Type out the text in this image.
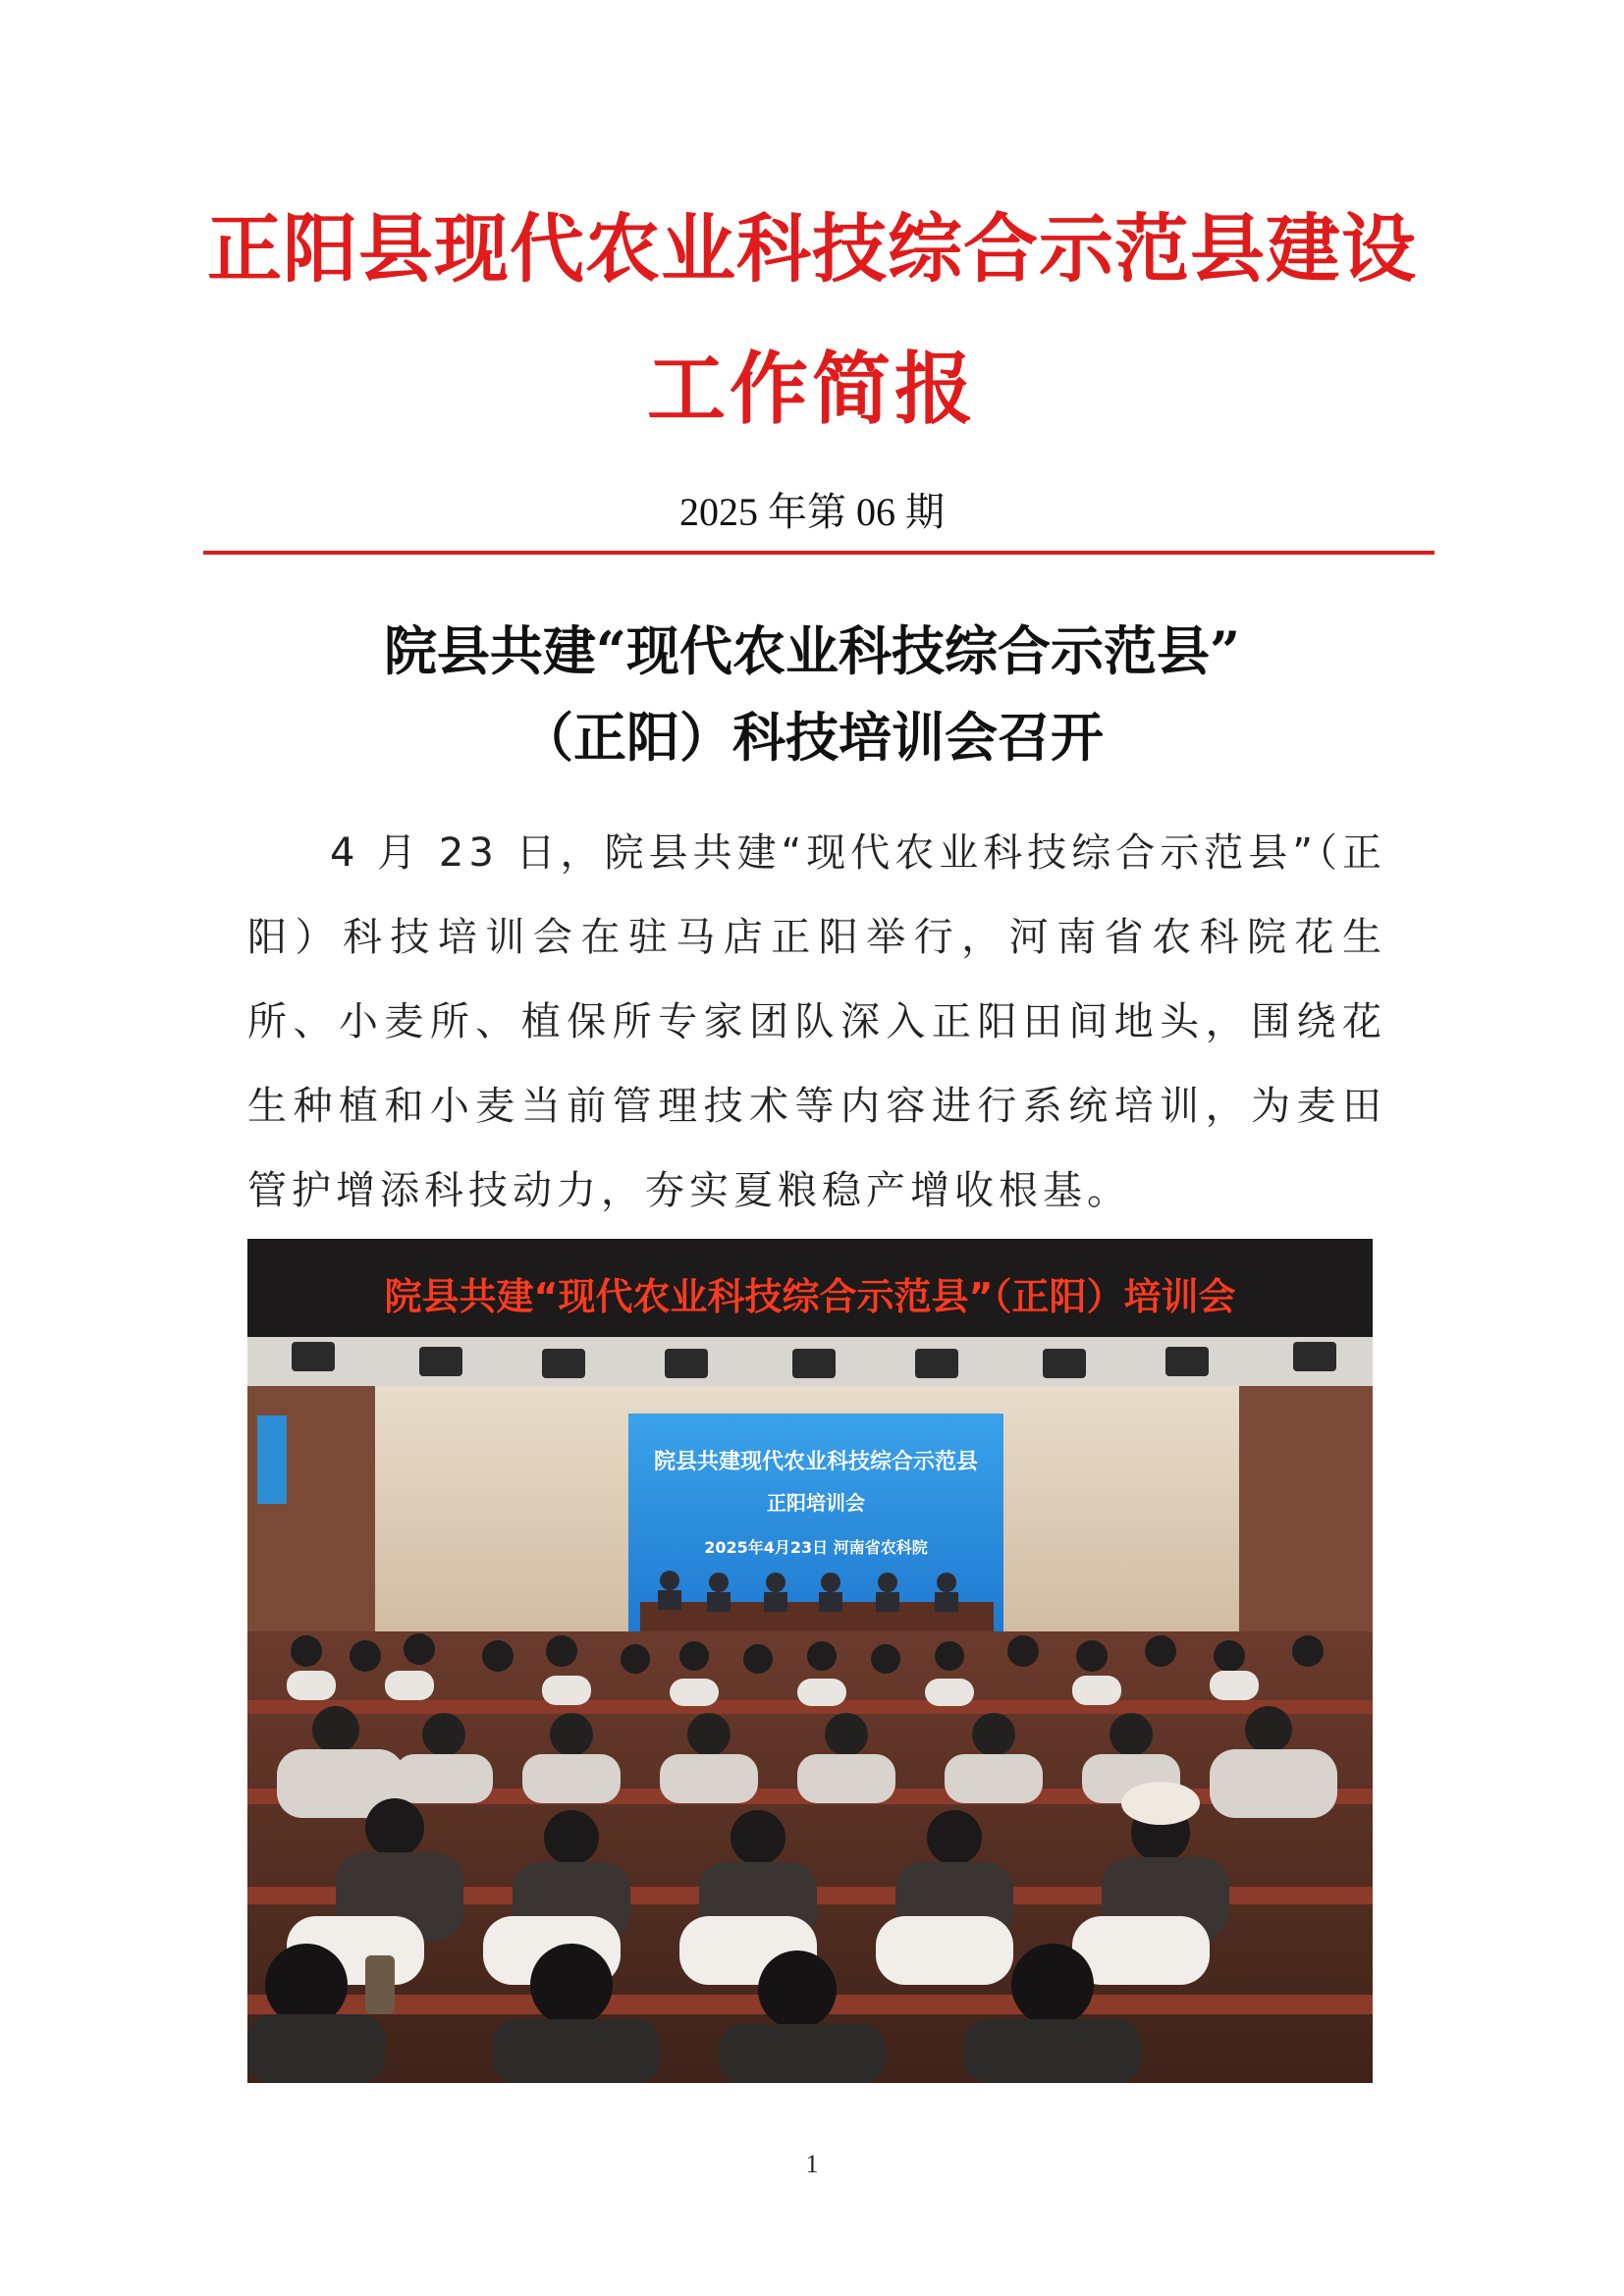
正阳县现代农业科技综合示范县建设
工作简报
2025 年第 06 期
院县共建“现代农业科技综合示范县”
（正阳）科技培训会召开
4 月 23 日，院县共建“现代农业科技综合示范县”（正阳）科技培训会在驻马店正阳举行，河南省农科院花生所、小麦所、植保所专家团队深入正阳田间地头，围绕花生种植和小麦当前管理技术等内容进行系统培训，为麦田管护增添科技动力，夯实夏粮稳产增收根基。
院县共建“现代农业科技综合示范县”（正阳）培训会
院县共建现代农业科技综合示范县
正阳培训会
2025年4月23日 河南省农科院
1
